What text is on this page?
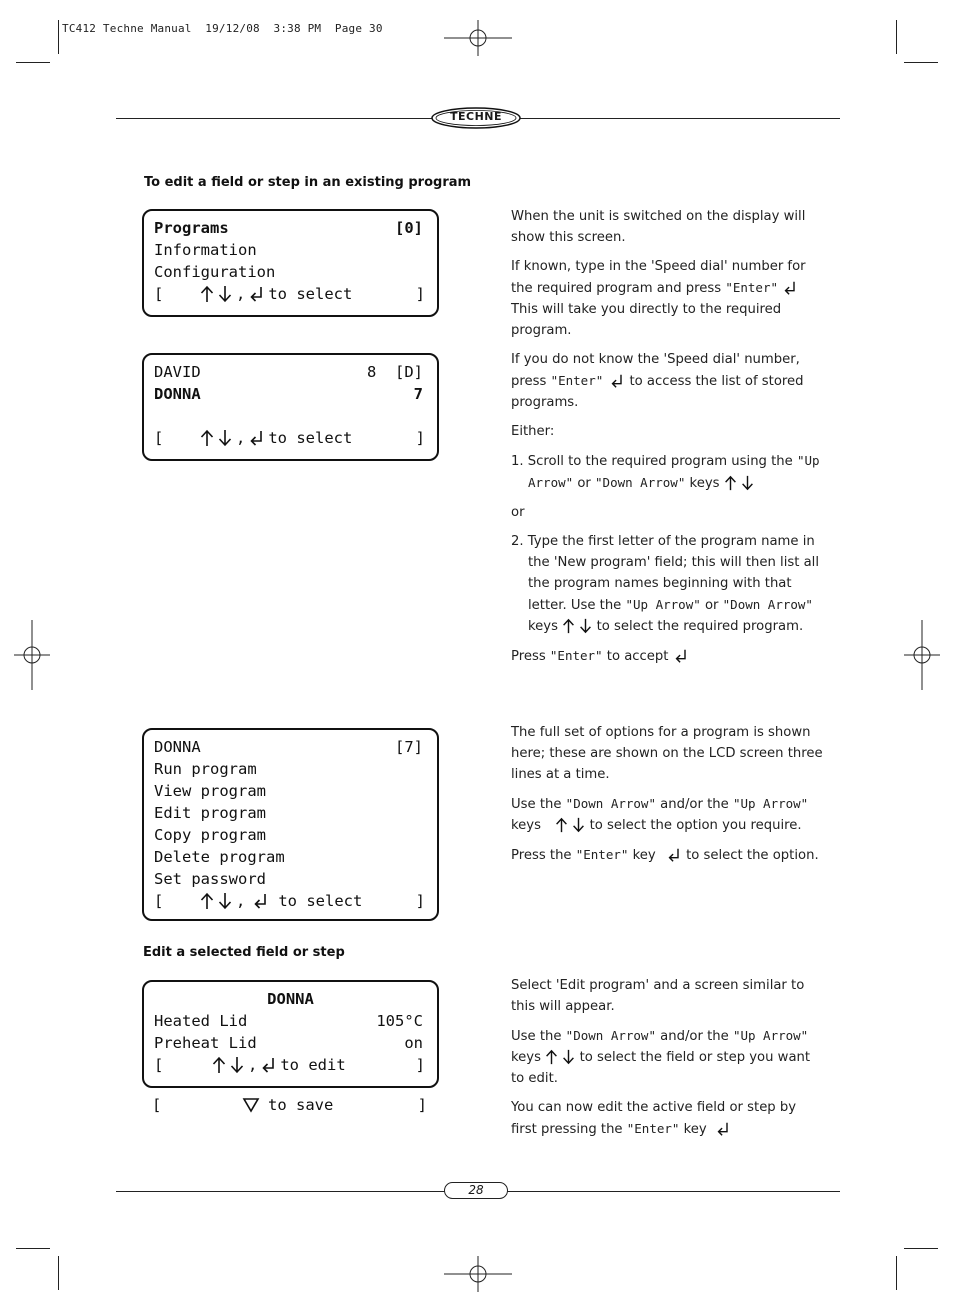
TC412 Techne Manual  19/12/08  3:38 PM  Page 30
TECHNE
To edit a field or step in an existing program
Programs	[0]
Information
Configuration
[	, to select	]
DAVID	8  [D]
DONNA	7
[	, to select	]

When the unit is switched on the display will show this screen.

If known, type in the 'Speed dial' number for the required program and press "Enter"
This will take you directly to the required program.

If you do not know the 'Speed dial' number, press "Enter" to access the list of stored programs.

Either:

1. Scroll to the required program using the "Up Arrow" or "Down Arrow" keys

or

2. Type the first letter of the program name in the 'New program' field; this will then list all the program names beginning with that letter. Use the "Up Arrow" or "Down Arrow" keys	to select the required program.

Press "Enter" to accept

DONNA	[7]
Run program
View program
Edit program
Copy program
Delete program
Set password
[	, to select	]

The full set of options for a program is shown here; these are shown on the LCD screen three lines at a time.

Use the "Down Arrow" and/or the "Up Arrow" keys	to select the option you require.

Press the "Enter" key  to select the option.

Edit a selected field or step
DONNA
Heated Lid	105°C
Preheat Lid	on
[	, to edit	]
[	to save	]

Select 'Edit program' and a screen similar to this will appear.

Use the "Down Arrow" and/or the "Up Arrow" keys	to select the field or step you want to edit.

You can now edit the active field or step by first pressing the "Enter" key

28
